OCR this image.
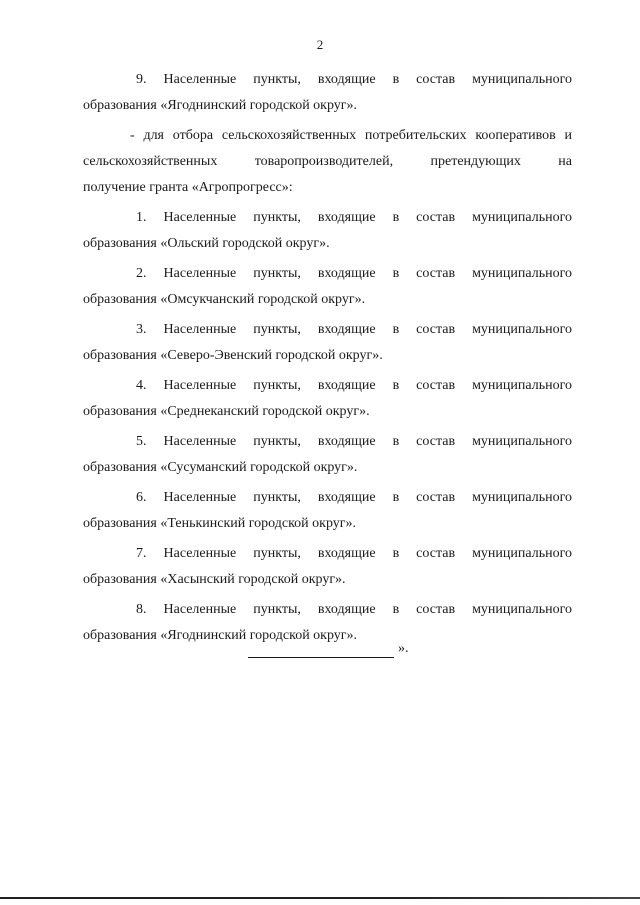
2

9. Населенные пункты, входящие в состав муниципального
образования «Ягоднинский городской округ».

- для отбора сельскохозяйственных потребительских кооперативов и
сельскохозяйственных товаропроизводителей, претендующих на
получение гранта «Агропрогресс»:

1. Населенные пункты, входящие в состав муниципального
образования «Ольский городской округ».

2. Населенные пункты, входящие в состав муниципального
образования «Омсукчанский городской округ».

3. Населенные пункты, входящие в состав муниципального
образования «Северо-Эвенский городской округ».

4. Населенные пункты, входящие в состав муниципального
образования «Среднеканский городской округ».

5. Населенные пункты, входящие в состав муниципального
образования «Сусуманский городской округ».

6. Населенные пункты, входящие в состав муниципального
образования «Тенькинский городской округ».

7. Населенные пункты, входящие в состав муниципального
образования «Хасынский городской округ».

8. Населенные пункты, входящие в состав муниципального
образования «Ягоднинский городской округ».

».
